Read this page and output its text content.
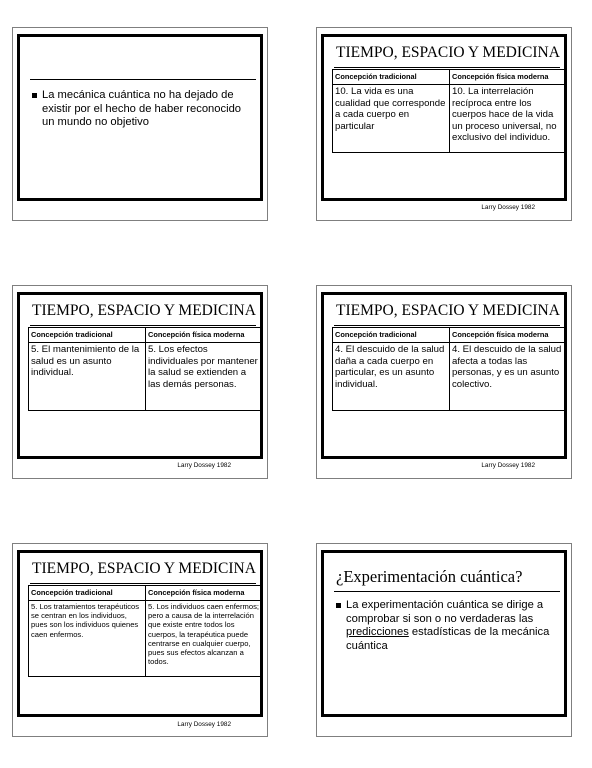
La mecánica cuántica no ha dejado de existir por el hecho de haber reconocido un mundo no objetivo
TIEMPO, ESPACIO Y MEDICINA
Concepción tradicional	Concepción física moderna
10. La vida es una cualidad que corresponde a cada cuerpo en particular	10. La interrelación recíproca entre los cuerpos hace de la vida un proceso universal, no exclusivo del individuo.
Larry Dossey 1982
TIEMPO, ESPACIO Y MEDICINA
Concepción tradicional	Concepción física moderna
5. El mantenimiento de la salud es un asunto individual.	5. Los efectos individuales por mantener la salud se extienden a las demás personas.
Larry Dossey 1982
TIEMPO, ESPACIO Y MEDICINA
Concepción tradicional	Concepción física moderna
4. El descuido de la salud daña a cada cuerpo en particular, es un asunto individual.	4. El descuido de la salud afecta a todas las personas, y es un asunto colectivo.
Larry Dossey 1982
TIEMPO, ESPACIO Y MEDICINA
Concepción tradicional	Concepción física moderna
5. Los tratamientos terapéuticos se centran en los individuos, pues son los individuos quienes caen enfermos.	5. Los individuos caen enfermos; pero a causa de la interrelación que existe entre todos los cuerpos, la terapéutica puede centrarse en cualquier cuerpo, pues sus efectos alcanzan a todos.
Larry Dossey 1982
¿Experimentación cuántica?
La experimentación cuántica se dirige a comprobar si son o no verdaderas las predicciones estadísticas de la mecánica cuántica
